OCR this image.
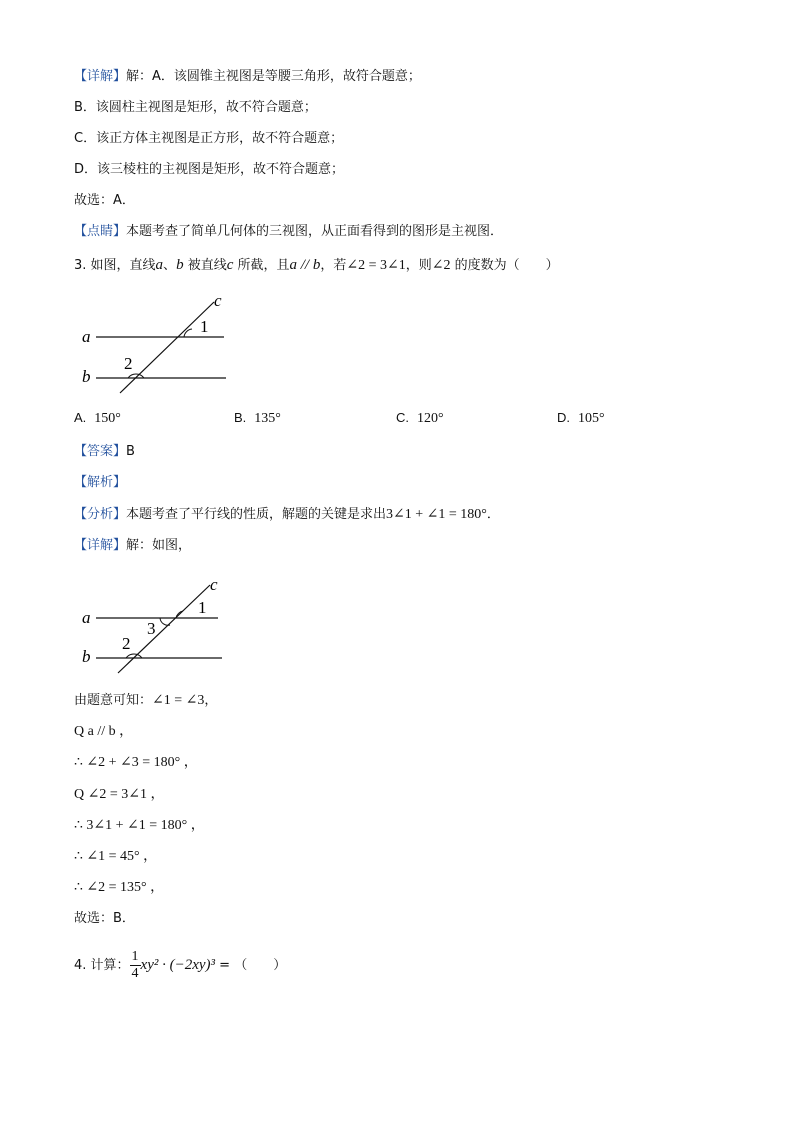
【详解】解：A．该圆锥主视图是等腰三角形，故符合题意；
B．该圆柱主视图是矩形，故不符合题意；
C．该正方体主视图是正方形，故不符合题意；
D．该三棱柱的主视图是矩形，故不符合题意；
故选：A．
【点睛】本题考查了简单几何体的三视图，从正面看得到的图形是主视图．
3. 如图，直线a、b 被直线c 所截，且a // b，若∠2 = 3∠1，则∠2 的度数为（　　）
a
b
c
1
2
A. 150°	B. 135°	C. 120°	D. 105°
【答案】B
【解析】
【分析】本题考查了平行线的性质，解题的关键是求出3∠1 + ∠1 = 180°．
【详解】解：如图，
a
b
c
1
2
3
由题意可知：∠1 = ∠3，
Q a // b ，
∴ ∠2 + ∠3 = 180° ，
Q ∠2 = 3∠1 ，
∴ 3∠1 + ∠1 = 180° ，
∴ ∠1 = 45° ，
∴ ∠2 = 135° ，
故选：B．
4. 计算： $\frac{1}{4} xy^2 \cdot (-2xy)^3$ = （　　）
